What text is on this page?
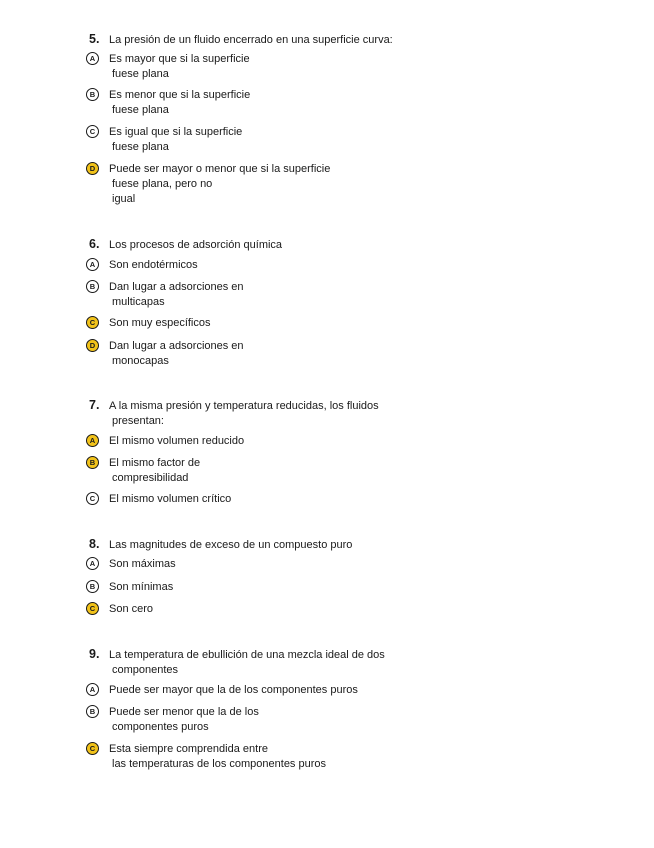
5. La presión de un fluido encerrado en una superficie curva:
A	Es mayor que si la superficie
fuese plana
B	Es menor que si la superficie
fuese plana
C	Es igual que si la superficie
fuese plana
D	Puede ser mayor o menor que si la superficie
fuese plana, pero no
igual
6. Los procesos de adsorción química
A	Son endotérmicos
B	Dan lugar a adsorciones en
multicapas
C	Son muy específicos
D	Dan lugar a adsorciones en
monocapas
7. A la misma presión y temperatura reducidas, los fluidos
presentan:
A	El mismo volumen reducido
B	El mismo factor de
compresibilidad
C	El mismo volumen crítico
8. Las magnitudes de exceso de un compuesto puro
A	Son máximas
B	Son mínimas
C	Son cero
9. La temperatura de ebullición de una mezcla ideal de dos
componentes
A	Puede ser mayor que la de los componentes puros
B	Puede ser menor que la de los
componentes puros
C	Esta siempre comprendida entre
las temperaturas de los componentes puros
